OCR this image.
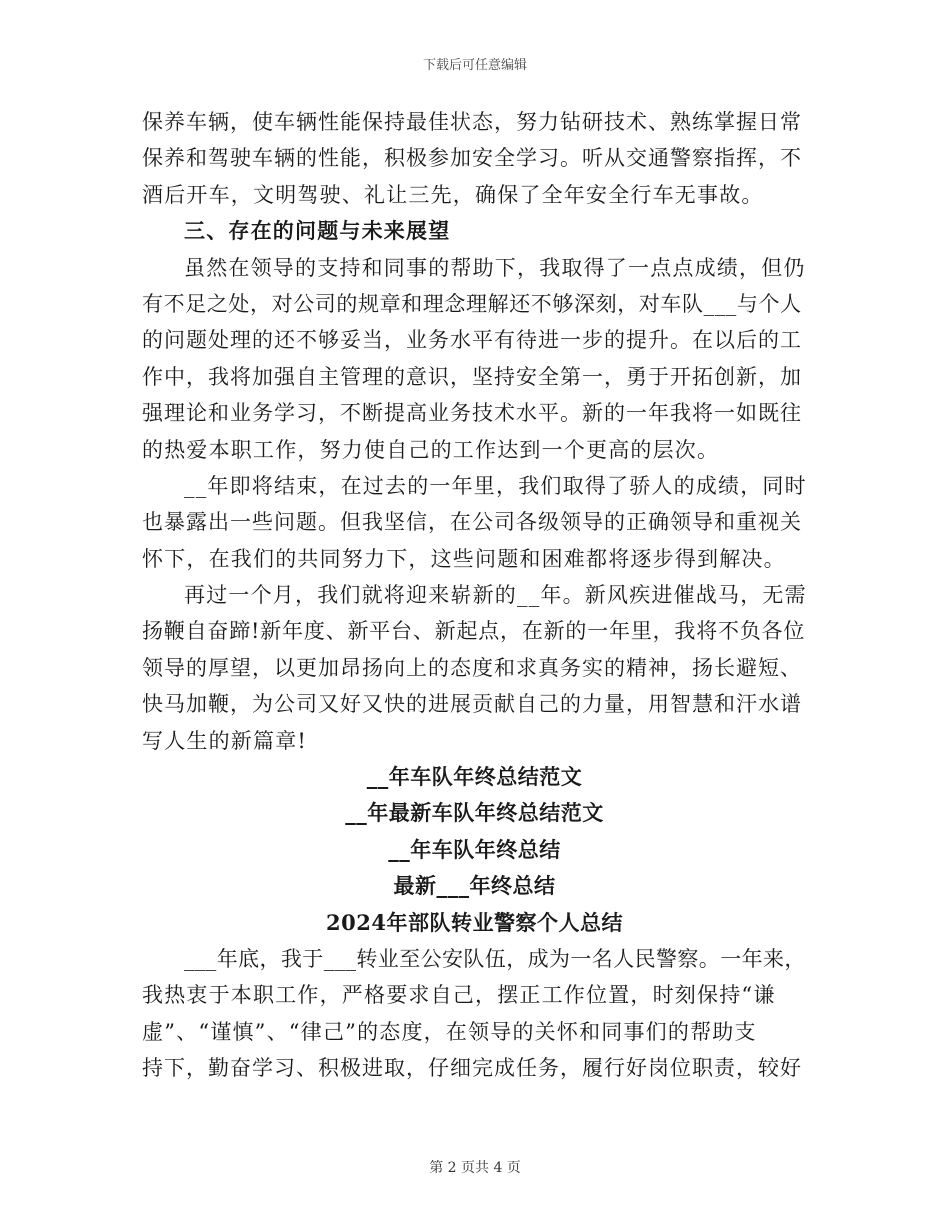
下载后可任意编辑
保养车辆，使车辆性能保持最佳状态，努力钻研技术、熟练掌握日常
保养和驾驶车辆的性能，积极参加安全学习。听从交通警察指挥，不
酒后开车，文明驾驶、礼让三先，确保了全年安全行车无事故。
三、存在的问题与未来展望
虽然在领导的支持和同事的帮助下，我取得了一点点成绩，但仍
有不足之处，对公司的规章和理念理解还不够深刻，对车队___与个人
的问题处理的还不够妥当，业务水平有待进一步的提升。在以后的工
作中，我将加强自主管理的意识，坚持安全第一，勇于开拓创新，加
强理论和业务学习，不断提高业务技术水平。新的一年我将一如既往
的热爱本职工作，努力使自己的工作达到一个更高的层次。
__年即将结束，在过去的一年里，我们取得了骄人的成绩，同时
也暴露出一些问题。但我坚信，在公司各级领导的正确领导和重视关
怀下，在我们的共同努力下，这些问题和困难都将逐步得到解决。
再过一个月，我们就将迎来崭新的__年。新风疾进催战马，无需
扬鞭自奋蹄!新年度、新平台、新起点，在新的一年里，我将不负各位
领导的厚望，以更加昂扬向上的态度和求真务实的精神，扬长避短、
快马加鞭，为公司又好又快的进展贡献自己的力量，用智慧和汗水谱
写人生的新篇章!
__年车队年终总结范文
__年最新车队年终总结范文
__年车队年终总结
最新___年终总结
2024年部队转业警察个人总结
___年底，我于___转业至公安队伍，成为一名人民警察。一年来，
我热衷于本职工作，严格要求自己，摆正工作位置，时刻保持“谦
虚”、“谨慎”、“律己”的态度，在领导的关怀和同事们的帮助支
持下，勤奋学习、积极进取，仔细完成任务，履行好岗位职责，较好
第 2 页共 4 页
